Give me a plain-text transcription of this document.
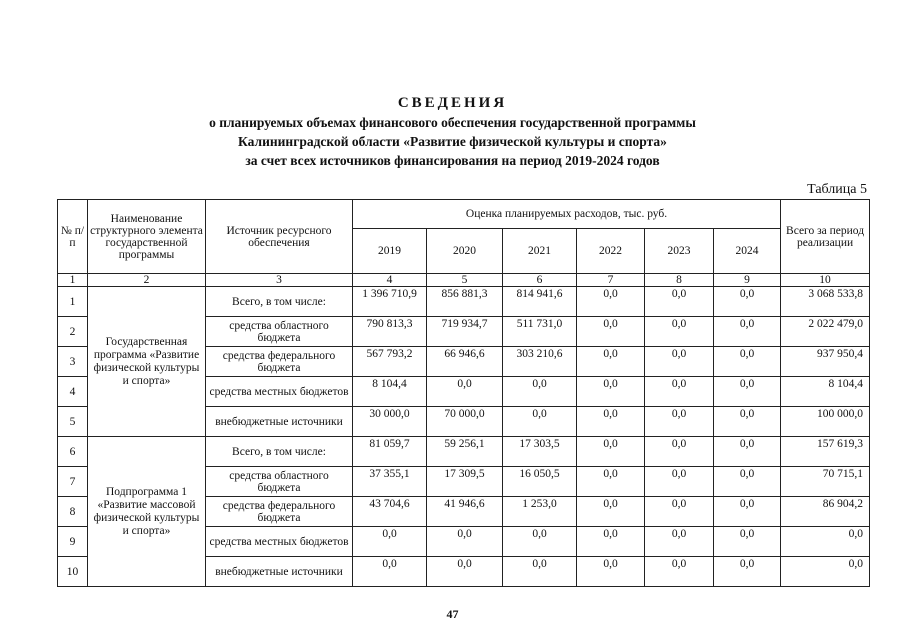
СВЕДЕНИЯ
о планируемых объемах финансового обеспечения государственной программы
Калининградской области «Развитие физической культуры и спорта»
за счет всех источников финансирования на период 2019-2024 годов
Таблица 5
№ п/п	Наименование структурного элемента государственной программы	Источник ресурсного обеспечения	Оценка планируемых расходов, тыс. руб.						Всего за период реализации
			2019	2020	2021	2022	2023	2024	
1	2	3	4	5	6	7	8	9	10
1	Государственная программа «Развитие физической культуры и спорта»	Всего, в том числе:	1 396 710,9	856 881,3	814 941,6	0,0	0,0	0,0	3 068 533,8
2		средства областного бюджета	790 813,3	719 934,7	511 731,0	0,0	0,0	0,0	2 022 479,0
3		средства федерального бюджета	567 793,2	66 946,6	303 210,6	0,0	0,0	0,0	937 950,4
4		средства местных бюджетов	8 104,4	0,0	0,0	0,0	0,0	0,0	8 104,4
5		внебюджетные источники	30 000,0	70 000,0	0,0	0,0	0,0	0,0	100 000,0
6	Подпрограмма 1 «Развитие массовой физической культуры и спорта»	Всего, в том числе:	81 059,7	59 256,1	17 303,5	0,0	0,0	0,0	157 619,3
7		средства областного бюджета	37 355,1	17 309,5	16 050,5	0,0	0,0	0,0	70 715,1
8		средства федерального бюджета	43 704,6	41 946,6	1 253,0	0,0	0,0	0,0	86 904,2
9		средства местных бюджетов	0,0	0,0	0,0	0,0	0,0	0,0	0,0
10		внебюджетные источники	0,0	0,0	0,0	0,0	0,0	0,0	0,0
47
